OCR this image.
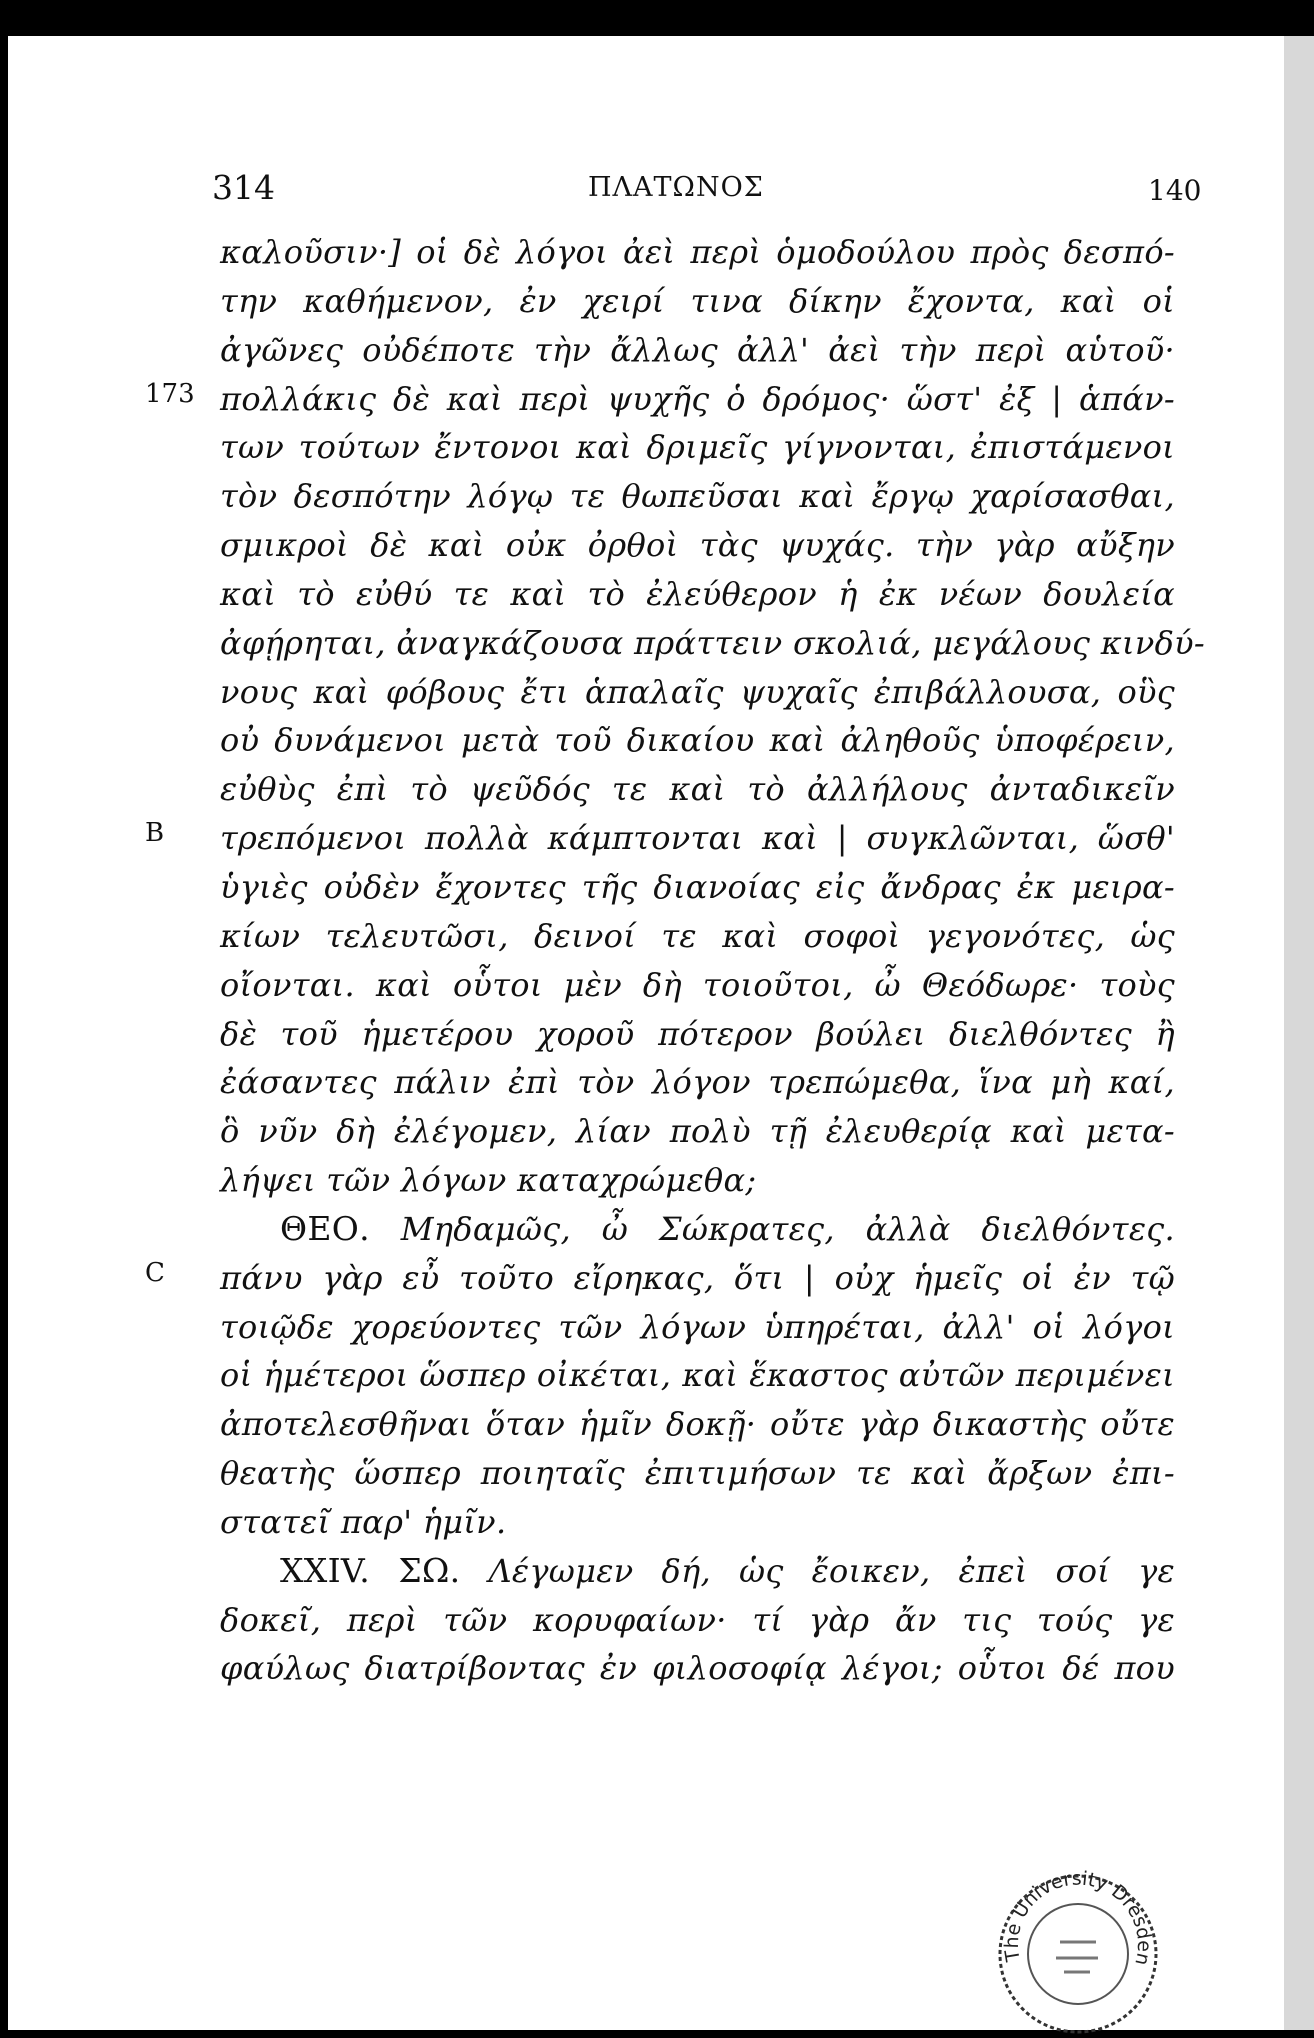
314	ΠΛΑΤΩΝΟΣ	140
καλοῦσιν·] οἱ δὲ λόγοι ἀεὶ περὶ ὁμοδούλου πρὸς δεσπό-
την καθήμενον, ἐν χειρί τινα δίκην ἔχοντα, καὶ οἱ
ἀγῶνες οὐδέποτε τὴν ἄλλως ἀλλ' ἀεὶ τὴν περὶ αὑτοῦ·
173 πολλάκις δὲ καὶ περὶ ψυχῆς ὁ δρόμος· ὥστ' ἐξ | ἁπάν-
των τούτων ἔντονοι καὶ δριμεῖς γίγνονται, ἐπιστάμενοι
τὸν δεσπότην λόγῳ τε θωπεῦσαι καὶ ἔργῳ χαρίσασθαι,
σμικροὶ δὲ καὶ οὐκ ὀρθοὶ τὰς ψυχάς. τὴν γὰρ αὔξην
καὶ τὸ εὐθύ τε καὶ τὸ ἐλεύθερον ἡ ἐκ νέων δουλεία
ἀφῄρηται, ἀναγκάζουσα πράττειν σκολιά, μεγάλους κινδύ-
νους καὶ φόβους ἔτι ἁπαλαῖς ψυχαῖς ἐπιβάλλουσα, οὓς
οὐ δυνάμενοι μετὰ τοῦ δικαίου καὶ ἀληθοῦς ὑποφέρειν,
εὐθὺς ἐπὶ τὸ ψεῦδός τε καὶ τὸ ἀλλήλους ἀνταδικεῖν
B τρεπόμενοι πολλὰ κάμπτονται καὶ | συγκλῶνται, ὥσθ'
ὑγιὲς οὐδὲν ἔχοντες τῆς διανοίας εἰς ἄνδρας ἐκ μειρα-
κίων τελευτῶσι, δεινοί τε καὶ σοφοὶ γεγονότες, ὡς
οἴονται. καὶ οὗτοι μὲν δὴ τοιοῦτοι, ὦ Θεόδωρε· τοὺς
δὲ τοῦ ἡμετέρου χοροῦ πότερον βούλει διελθόντες ἢ
ἐάσαντες πάλιν ἐπὶ τὸν λόγον τρεπώμεθα, ἵνα μὴ καί,
ὃ νῦν δὴ ἐλέγομεν, λίαν πολὺ τῇ ἐλευθερίᾳ καὶ μετα-
λήψει τῶν λόγων καταχρώμεθα;
ΘΕΟ. Μηδαμῶς, ὦ Σώκρατες, ἀλλὰ διελθόντες.
C πάνυ γὰρ εὖ τοῦτο εἴρηκας, ὅτι | οὐχ ἡμεῖς οἱ ἐν τῷ
τοιῷδε χορεύοντες τῶν λόγων ὑπηρέται, ἀλλ' οἱ λόγοι
οἱ ἡμέτεροι ὥσπερ οἰκέται, καὶ ἕκαστος αὐτῶν περιμένει
ἀποτελεσθῆναι ὅταν ἡμῖν δοκῇ· οὔτε γὰρ δικαστὴς οὔτε
θεατὴς ὥσπερ ποιηταῖς ἐπιτιμήσων τε καὶ ἄρξων ἐπι-
στατεῖ παρ' ἡμῖν.
XXIV. ΣΩ. Λέγωμεν δή, ὡς ἔοικεν, ἐπεὶ σοί γε
δοκεῖ, περὶ τῶν κορυφαίων· τί γὰρ ἄν τις τούς γε
φαύλως διατρίβοντας ἐν φιλοσοφίᾳ λέγοι; οὗτοι δέ που
The University Dresden
